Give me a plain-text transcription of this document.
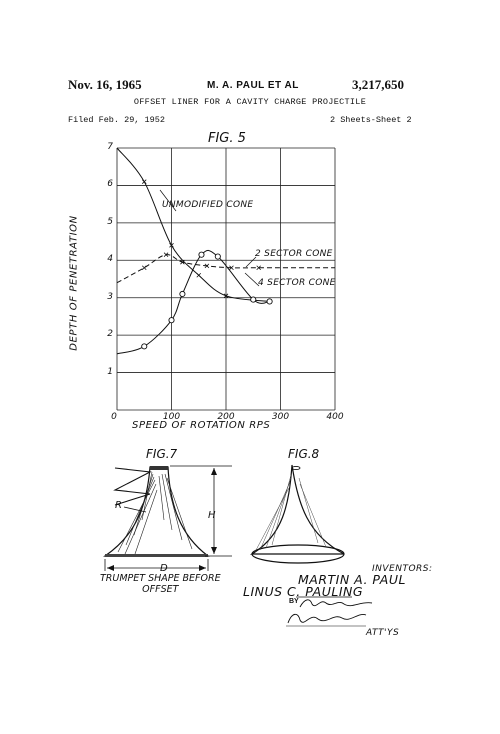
Nov. 16, 1965	M. A. PAUL ET AL	3,217,650
OFFSET LINER FOR A CAVITY CHARGE PROJECTILE
Filed Feb. 29, 1952	2 Sheets-Sheet 2
FIG. 5
DEPTH OF PENETRATION
SPEED OF ROTATION RPS
UNMODIFIED CONE
2 SECTOR CONE
4 SECTOR CONE
FIG.7
R
H
D
TRUMPET SHAPE BEFORE
OFFSET
FIG.8
INVENTORS:
MARTIN A. PAUL
LINUS C. PAULING
BY
ATT'YS
1
2
3
4
5
6
7
0	100	200	300	400
